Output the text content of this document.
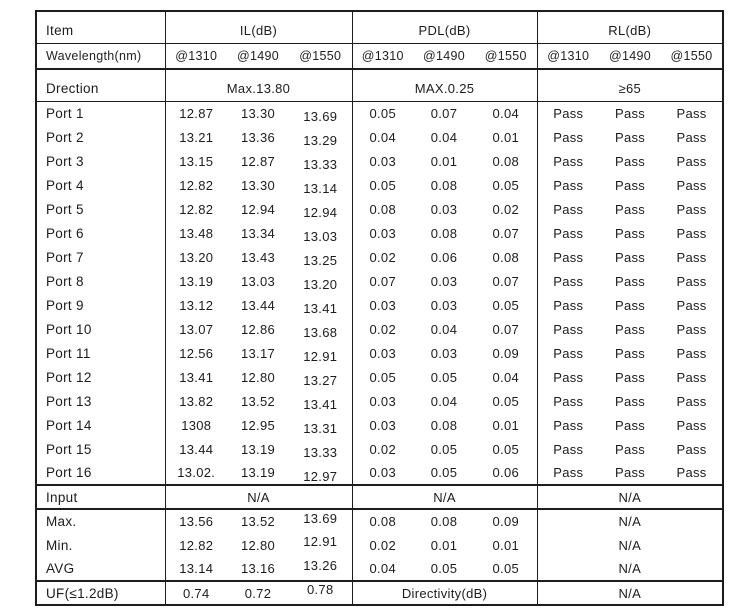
Item	IL(dB)			PDL(dB)			RL(dB)		
Wavelength(nm)	@1310	@1490	@1550	@1310	@1490	@1550	@1310	@1490	@1550
Drection	Max.13.80			MAX.0.25			≥65		
Port 1	12.87	13.30	13.69	0.05	0.07	0.04	Pass	Pass	Pass
Port 2	13.21	13.36	13.29	0.04	0.04	0.01	Pass	Pass	Pass
Port 3	13.15	12.87	13.33	0.03	0.01	0.08	Pass	Pass	Pass
Port 4	12.82	13.30	13.14	0.05	0.08	0.05	Pass	Pass	Pass
Port 5	12.82	12.94	12.94	0.08	0.03	0.02	Pass	Pass	Pass
Port 6	13.48	13.34	13.03	0.03	0.08	0.07	Pass	Pass	Pass
Port 7	13.20	13.43	13.25	0.02	0.06	0.08	Pass	Pass	Pass
Port 8	13.19	13.03	13.20	0.07	0.03	0.07	Pass	Pass	Pass
Port 9	13.12	13.44	13.41	0.03	0.03	0.05	Pass	Pass	Pass
Port 10	13.07	12.86	13.68	0.02	0.04	0.07	Pass	Pass	Pass
Port 11	12.56	13.17	12.91	0.03	0.03	0.09	Pass	Pass	Pass
Port 12	13.41	12.80	13.27	0.05	0.05	0.04	Pass	Pass	Pass
Port 13	13.82	13.52	13.41	0.03	0.04	0.05	Pass	Pass	Pass
Port 14	1308	12.95	13.31	0.03	0.08	0.01	Pass	Pass	Pass
Port 15	13.44	13.19	13.33	0.02	0.05	0.05	Pass	Pass	Pass
Port 16	13.02.	13.19	12.97	0.03	0.05	0.06	Pass	Pass	Pass
Input	N/A			N/A			N/A		
Max.	13.56	13.52	13.69	0.08	0.08	0.09	N/A		
Min.	12.82	12.80	12.91	0.02	0.01	0.01	N/A		
AVG	13.14	13.16	13.26	0.04	0.05	0.05	N/A		
UF(≤1.2dB)	0.74	0.72	0.78	Directivity(dB)			N/A		
